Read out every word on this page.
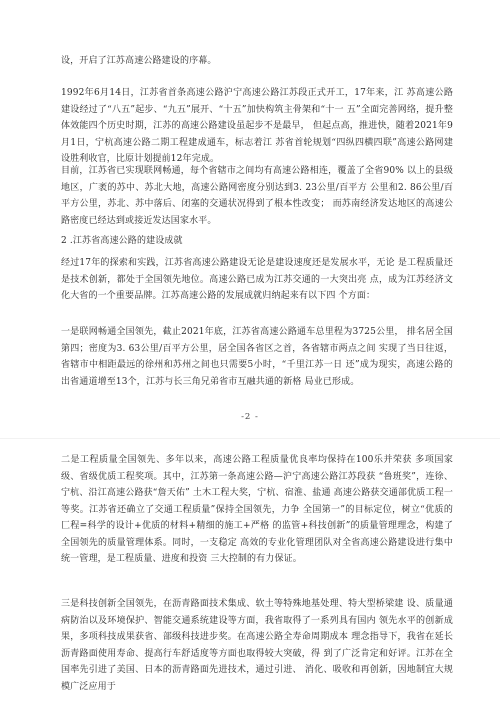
设，开启了江苏高速公路建设的序幕。
1992年6月14日，江苏省首条高速公路沪宁高速公路江苏段正式开工，17年来，江 苏高速公路建设经过了“八五”起步、“九五”展开、“十五”加快构筑主骨架和“十一 五”全面完善网络，提升整体效能四个历史时期，江苏的高速公路建设虽起步不是最早， 但起点高，推进快，随着2021年9月1日，宁杭高速公路二期工程建成通车，标志着江 苏省首轮规划“四纵四横四联”高速公路网建设胜利收官，比原计划提前12年完成。
目前，江苏省已实现联网畅通，每个省辖市之间均有高速公路相连，覆盖了全省90% 以上的县级地区，广袤的苏中、苏北大地，高速公路网密度分别达到3. 23公里/百平方 公里和2. 86公里/百平方公里，苏北、苏中落后、闭塞的交通状况得到了根本性改变； 而苏南经济发达地区的高速公路密度已经达到或接近发达国家水平。
2 .江苏省高速公路的建设成就
经过17年的探索和实践，江苏省高速公路建设无论是建设速度还是发展水平，无论 是工程质量还是技术创新，都处于全国领先地位。高速公路已成为江苏交通的一大突出亮 点，成为江苏经济文化大省的一个重要品牌。江苏高速公路的发展成就归纳起来有以下四 个方面：
一是联网畅通全国领先，截止2021年底，江苏省高速公路通车总里程为3725公里， 排名居全国第四；密度为3. 63公里/百平方公里，居全国各省区之首，各省辖市两点之间 实现了当日往返，省辖市中相距最远的徐州和苏州之间也只需要5小时，“千里江苏一日 还”成为现实，高速公路的出省通道增至13个，江苏与长三角兄弟省市互融共通的新格 局业已形成。
-2 -
二是工程质量全国领先、多年以来，高速公路工程质量优良率均保持在100乐并荣获 多项国家级、省级优质工程奖项。其中，江苏第一条高速公路—沪宁高速公路江苏段获 “鲁班奖”，连徐、宁杭、沿江高速公路获“詹天佑” 土木工程大奖，宁杭、宿淮、盐通 高速公路获交通部优质工程一等奖。江苏省还确立了交通工程质量”保持全国领先，力争 全国第一”的目标定位，树立“优质的匚程=科学的设计+优质的材料+精细的施工+严格 的监管+科技创新”的质量管理理念，构建了全国领先的质量管理体系。同时，一支稳定 高效的专业化管理团队对全省高速公路建设进行集中统一管理，是工程质量、进度和投资 三大控制的有力保证。
三是科技创新全国领先，在沥青路面技术集成、软土等特殊地基处理、特大型桥梁建 设、质量通病防治以及环境保护、智能交通系统建设等方面，我省取得了一系列具有国内 领先水平的创新成果，多项科技成果获省、部级科技进步奖。在高速公路全寿命周期成本 理念指导下，我省在延长沥青路面使用寿命、提高行车舒适度等方面也取得较大突破，得 到了广泛肯定和好评。江苏在全国率先引进了美国、日本的沥青路面先进技术，通过引进、 消化、吸收和再创新，因地制宜大规模广泛应用于
